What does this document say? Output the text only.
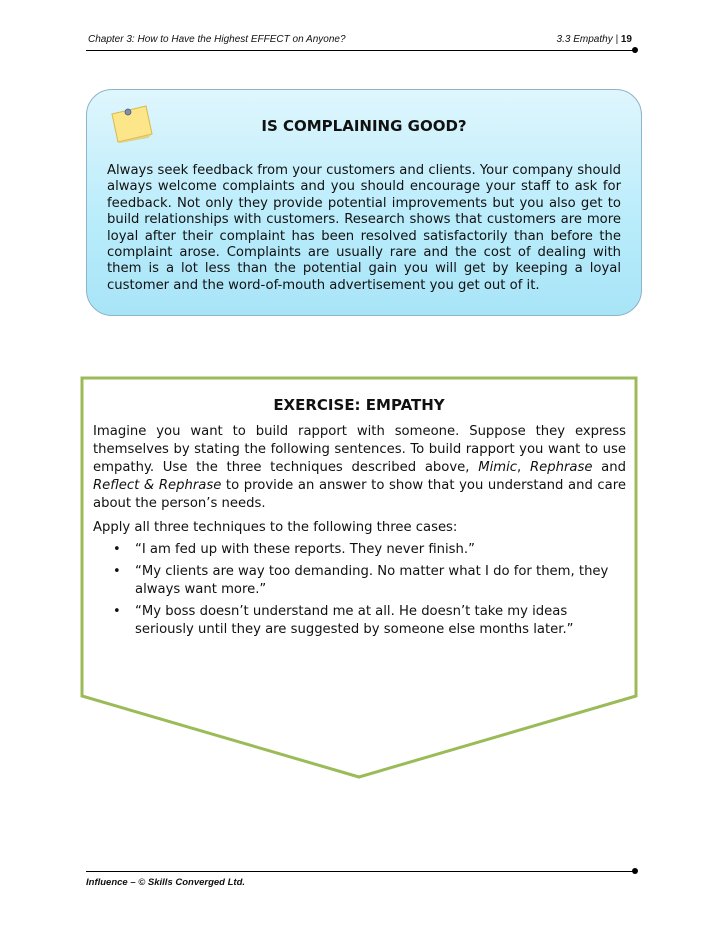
Chapter 3: How to Have the Highest EFFECT on Anyone?	3.3 Empathy | 19
IS COMPLAINING GOOD?
Always seek feedback from your customers and clients. Your company should always welcome complaints and you should encourage your staff to ask for feedback. Not only they provide potential improvements but you also get to build relationships with customers. Research shows that customers are more loyal after their complaint has been resolved satisfactorily than before the complaint arose. Complaints are usually rare and the cost of dealing with them is a lot less than the potential gain you will get by keeping a loyal customer and the word-of-mouth advertisement you get out of it.
EXERCISE: EMPATHY

Imagine you want to build rapport with someone. Suppose they express themselves by stating the following sentences. To build rapport you want to use empathy. Use the three techniques described above, Mimic, Rephrase and Reflect & Rephrase to provide an answer to show that you understand and care about the person’s needs.

Apply all three techniques to the following three cases:

• “I am fed up with these reports. They never finish.”
• “My clients are way too demanding. No matter what I do for them, they always want more.”
• “My boss doesn’t understand me at all. He doesn’t take my ideas seriously until they are suggested by someone else months later.”
Influence – © Skills Converged Ltd.
